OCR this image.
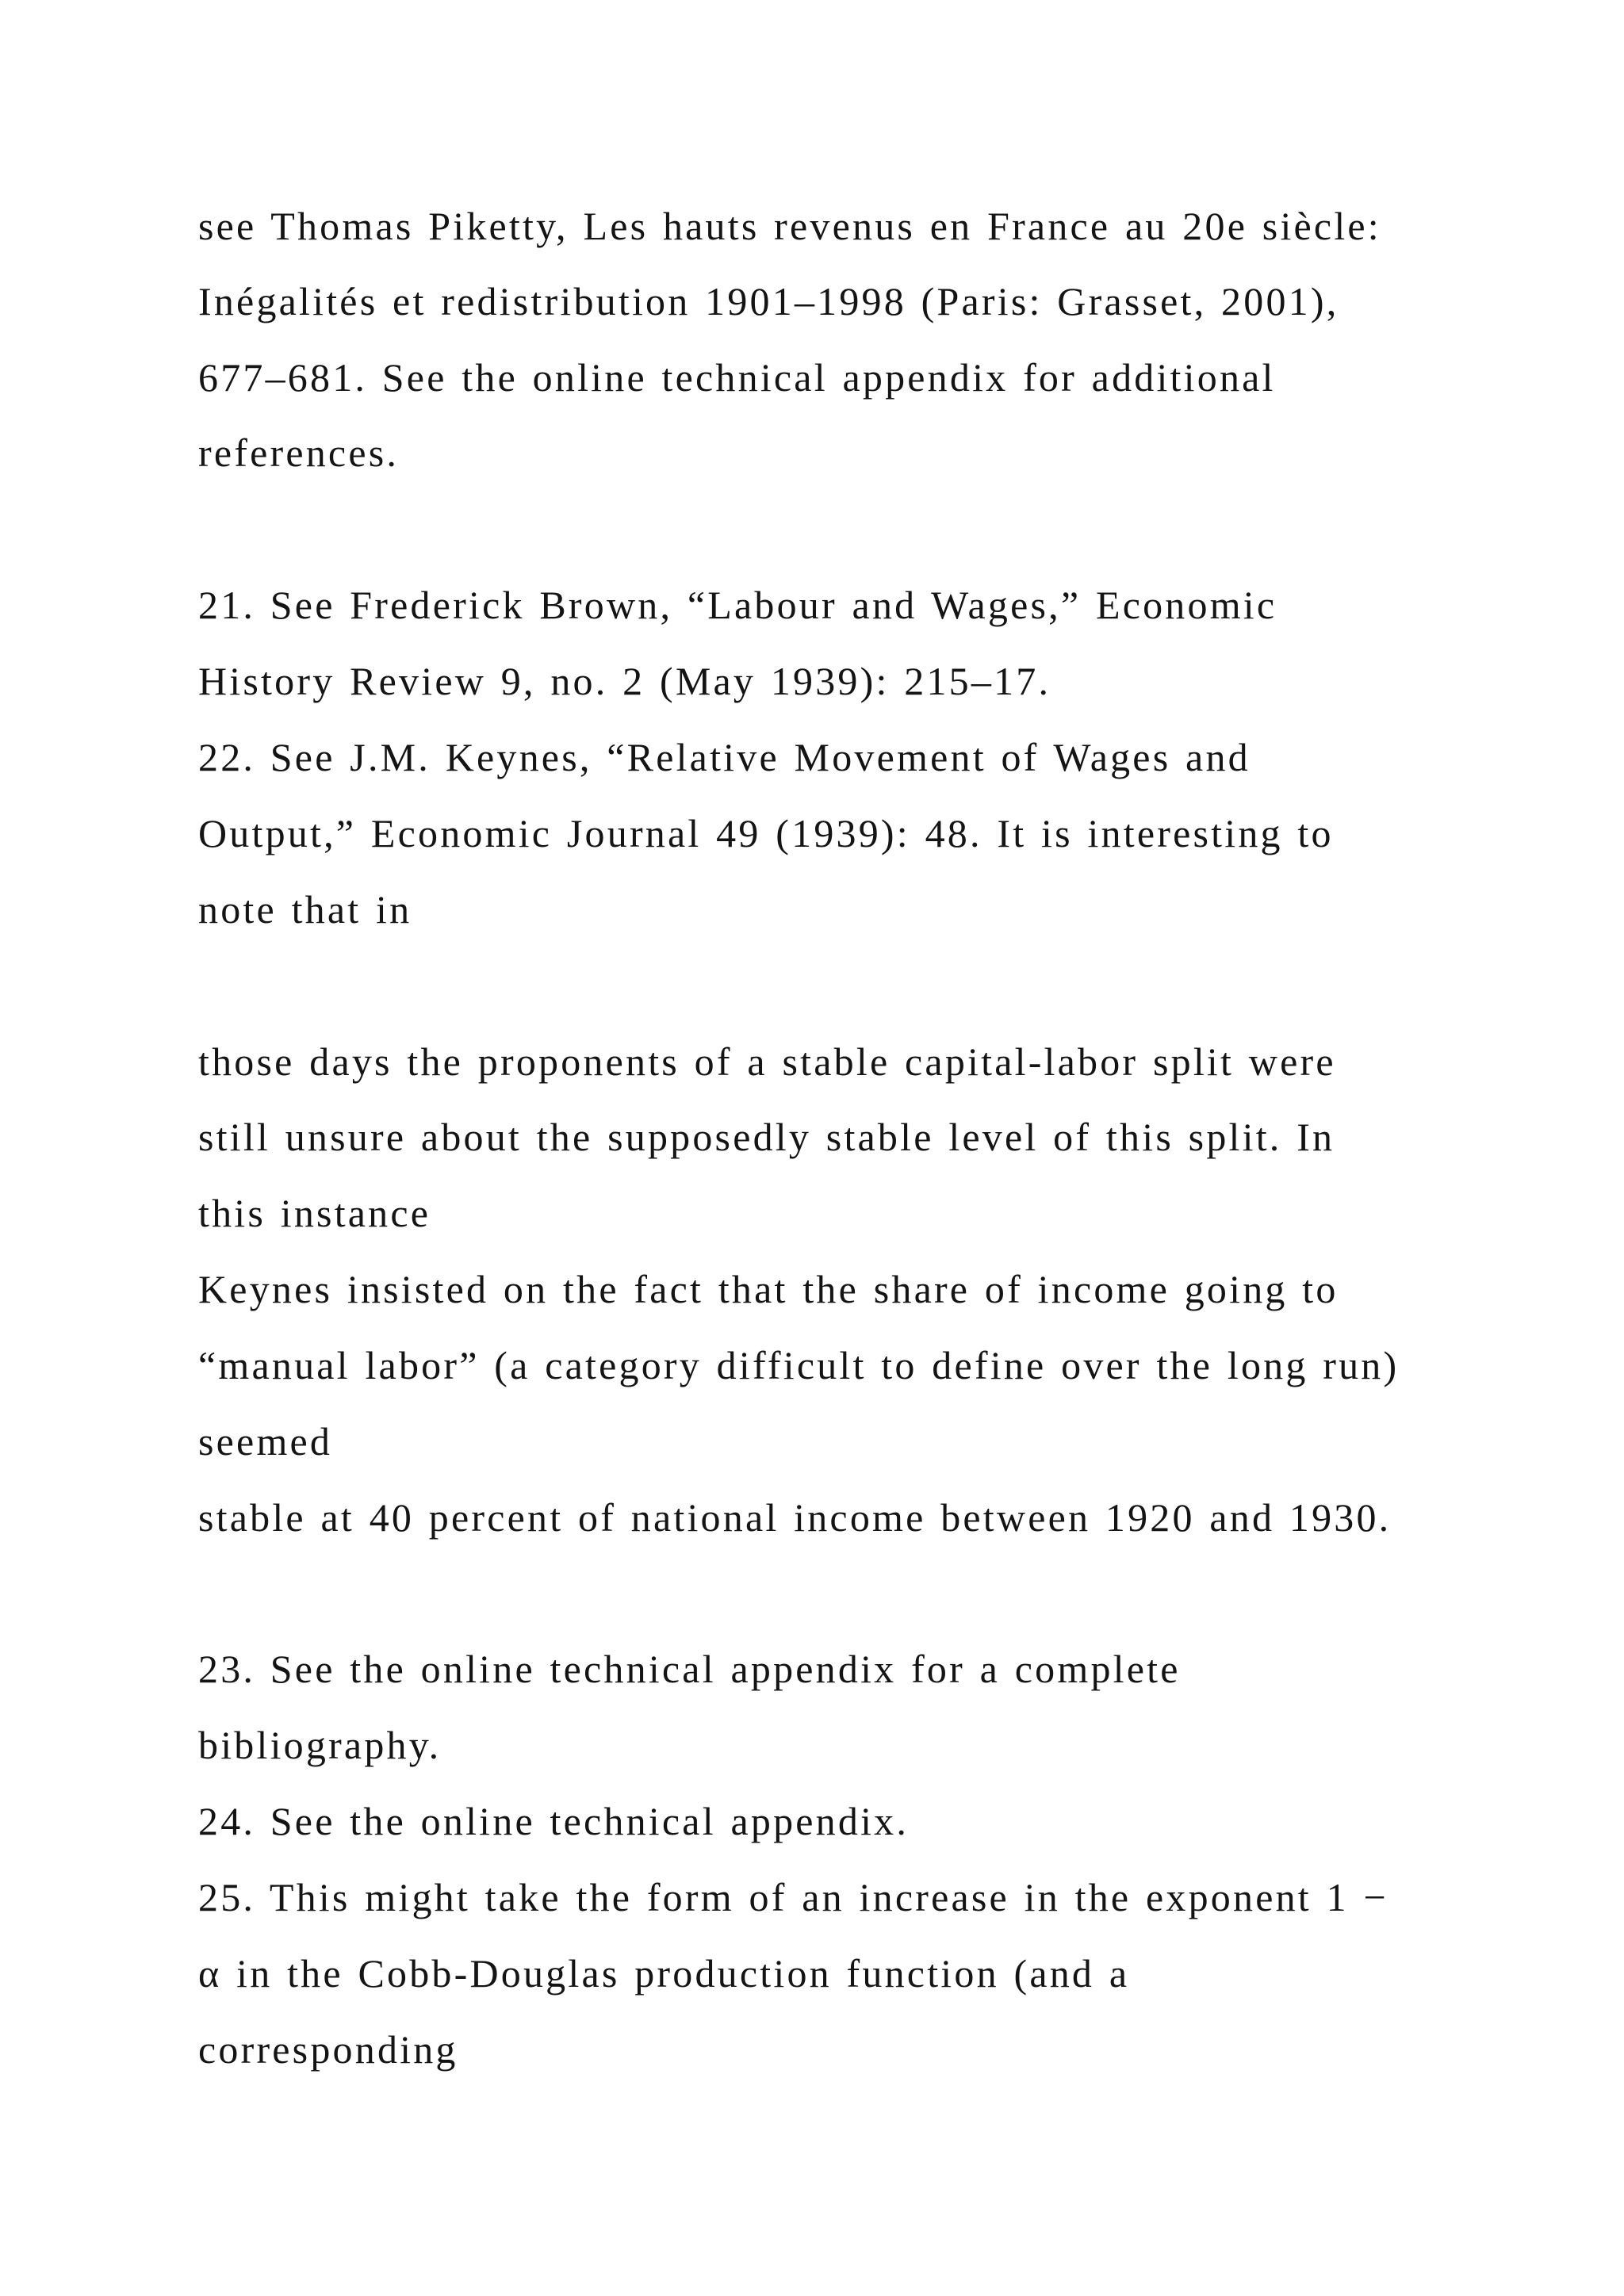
see Thomas Piketty, Les hauts revenus en France au 20e siècle:

Inégalités et redistribution 1901–1998 (Paris: Grasset, 2001),

677–681. See the online technical appendix for additional

references.

21. See Frederick Brown, “Labour and Wages,” Economic

History Review 9, no. 2 (May 1939): 215–17.

22. See J.M. Keynes, “Relative Movement of Wages and

Output,” Economic Journal 49 (1939): 48. It is interesting to

note that in

those days the proponents of a stable capital-labor split were

still unsure about the supposedly stable level of this split. In

this instance

Keynes insisted on the fact that the share of income going to

“manual labor” (a category difficult to define over the long run)

seemed

stable at 40 percent of national income between 1920 and 1930.

23. See the online technical appendix for a complete

bibliography.

24. See the online technical appendix.

25. This might take the form of an increase in the exponent 1 −

α in the Cobb-Douglas production function (and a

corresponding
